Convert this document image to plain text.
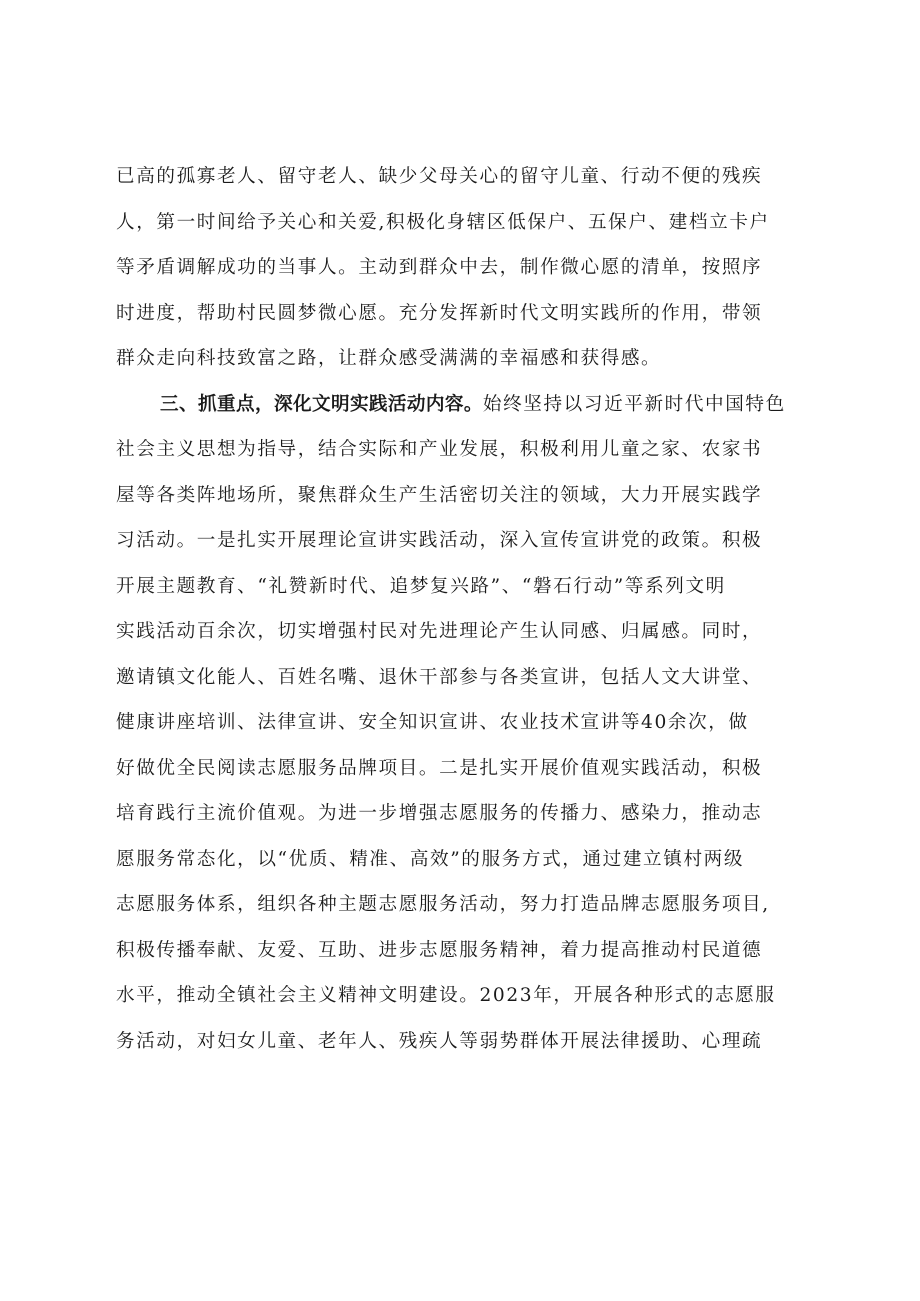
已高的孤寡老人、留守老人、缺少父母关心的留守儿童、行动不便的残疾
人，第一时间给予关心和关爱,积极化身辖区低保户、五保户、建档立卡户
等矛盾调解成功的当事人。主动到群众中去，制作微心愿的清单，按照序
时进度，帮助村民圆梦微心愿。充分发挥新时代文明实践所的作用，带领
群众走向科技致富之路，让群众感受满满的幸福感和获得感。
三、抓重点，深化文明实践活动内容。始终坚持以习近平新时代中国特色
社会主义思想为指导，结合实际和产业发展，积极利用儿童之家、农家书
屋等各类阵地场所，聚焦群众生产生活密切关注的领域，大力开展实践学
习活动。一是扎实开展理论宣讲实践活动，深入宣传宣讲党的政策。积极
开展主题教育、“礼赞新时代、追梦复兴路”、“磐石行动”等系列文明
实践活动百余次，切实增强村民对先进理论产生认同感、归属感。同时，
邀请镇文化能人、百姓名嘴、退休干部参与各类宣讲，包括人文大讲堂、
健康讲座培训、法律宣讲、安全知识宣讲、农业技术宣讲等40余次，做
好做优全民阅读志愿服务品牌项目。二是扎实开展价值观实践活动，积极
培育践行主流价值观。为进一步增强志愿服务的传播力、感染力，推动志
愿服务常态化，以“优质、精准、高效”的服务方式，通过建立镇村两级
志愿服务体系，组织各种主题志愿服务活动，努力打造品牌志愿服务项目,
积极传播奉献、友爱、互助、进步志愿服务精神，着力提高推动村民道德
水平，推动全镇社会主义精神文明建设。2023年，开展各种形式的志愿服
务活动，对妇女儿童、老年人、残疾人等弱势群体开展法律援助、心理疏
